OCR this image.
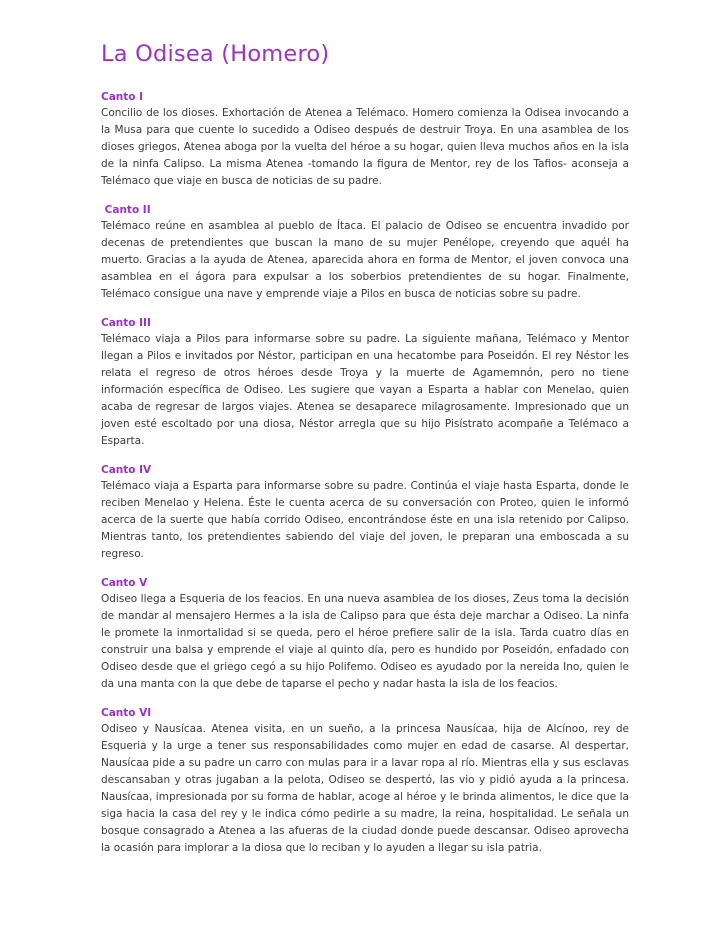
La Odisea (Homero)

Canto I

Concilio de los dioses. Exhortación de Atenea a Telémaco. Homero comienza la Odisea invocando a la Musa para que cuente lo sucedido a Odiseo después de destruir Troya. En una asamblea de los dioses griegos, Atenea aboga por la vuelta del héroe a su hogar, quien lleva muchos años en la isla de la ninfa Calipso. La misma Atenea -tomando la figura de Mentor, rey de los Tafios- aconseja a Telémaco que viaje en busca de noticias de su padre.

Canto II

Telémaco reúne en asamblea al pueblo de Ítaca. El palacio de Odiseo se encuentra invadido por decenas de pretendientes que buscan la mano de su mujer Penélope, creyendo que aquél ha muerto. Gracias a la ayuda de Atenea, aparecida ahora en forma de Mentor, el joven convoca una asamblea en el ágora para expulsar a los soberbios pretendientes de su hogar. Finalmente, Telémaco consigue una nave y emprende viaje a Pilos en busca de noticias sobre su padre.

Canto III

Telémaco viaja a Pilos para informarse sobre su padre. La siguiente mañana, Telémaco y Mentor llegan a Pilos e invitados por Néstor, participan en una hecatombe para Poseidón. El rey Néstor les relata el regreso de otros héroes desde Troya y la muerte de Agamemnón, pero no tiene información específica de Odiseo. Les sugiere que vayan a Esparta a hablar con Menelao, quien acaba de regresar de largos viajes. Atenea se desaparece milagrosamente. Impresionado que un joven esté escoltado por una diosa, Néstor arregla que su hijo Pisístrato acompañe a Telémaco a Esparta.

Canto IV

Telémaco viaja a Esparta para informarse sobre su padre. Continúa el viaje hasta Esparta, donde le reciben Menelao y Helena. Éste le cuenta acerca de su conversación con Proteo, quien le informó acerca de la suerte que había corrido Odiseo, encontrándose éste en una isla retenido por Calipso. Mientras tanto, los pretendientes sabiendo del viaje del joven, le preparan una emboscada a su regreso.

Canto V

Odiseo llega a Esqueria de los feacios. En una nueva asamblea de los dioses, Zeus toma la decisión de mandar al mensajero Hermes a la isla de Calipso para que ésta deje marchar a Odiseo. La ninfa le promete la inmortalidad si se queda, pero el héroe prefiere salir de la isla. Tarda cuatro días en construir una balsa y emprende el viaje al quinto día, pero es hundido por Poseidón, enfadado con Odiseo desde que el griego cegó a su hijo Polifemo. Odiseo es ayudado por la nereida Ino, quien le da una manta con la que debe de taparse el pecho y nadar hasta la isla de los feacios.

Canto VI

Odiseo y Nausícaa. Atenea visita, en un sueño, a la princesa Nausícaa, hija de Alcínoo, rey de Esqueria y la urge a tener sus responsabilidades como mujer en edad de casarse. Al despertar, Nausícaa pide a su padre un carro con mulas para ir a lavar ropa al río. Mientras ella y sus esclavas descansaban y otras jugaban a la pelota, Odiseo se despertó, las vio y pidió ayuda a la princesa. Nausícaa, impresionada por su forma de hablar, acoge al héroe y le brinda alimentos, le dice que la siga hacia la casa del rey y le indica cómo pedirle a su madre, la reina, hospitalidad. Le señala un bosque consagrado a Atenea a las afueras de la ciudad donde puede descansar. Odiseo aprovecha la ocasión para implorar a la diosa que lo reciban y lo ayuden a llegar su isla patria.
